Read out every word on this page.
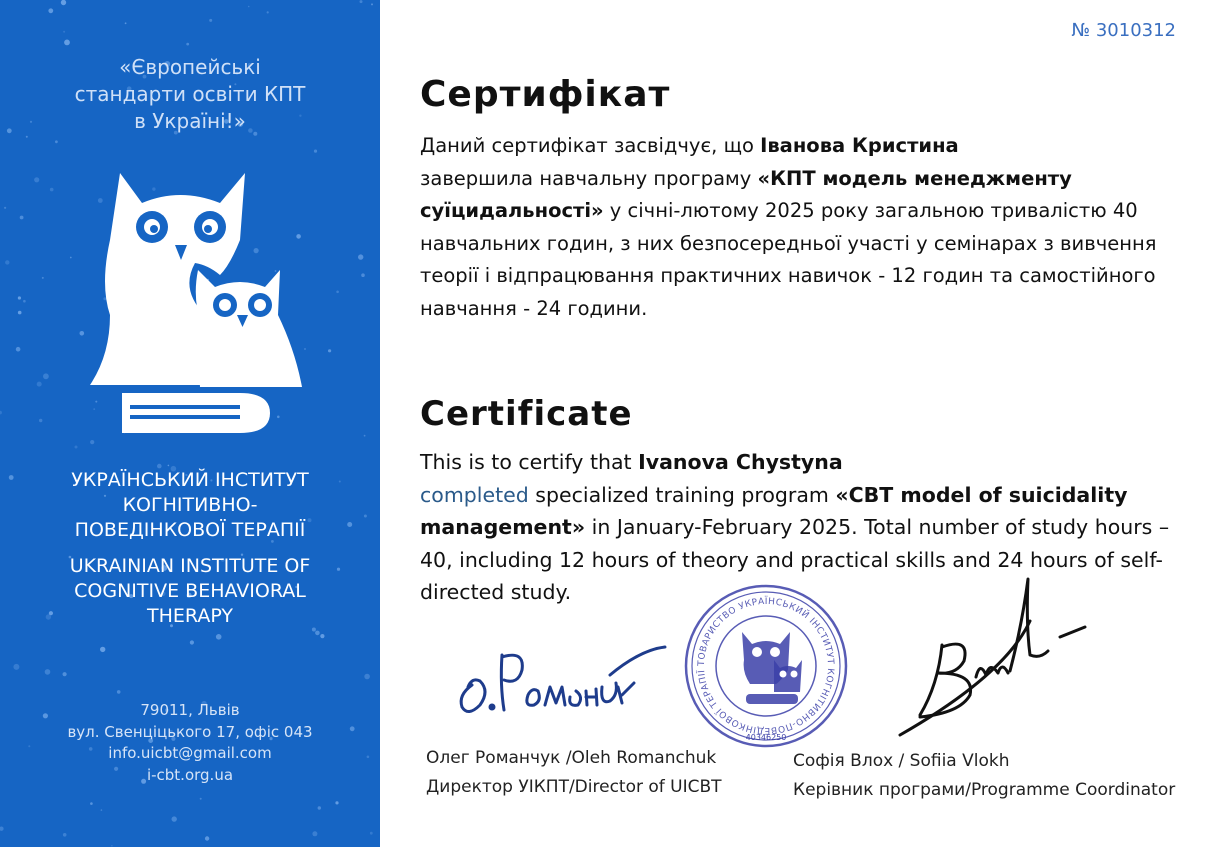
«Європейські
стандарти освіти КПТ
в Україні!»
УКРАЇНСЬКИЙ ІНСТИТУТ
КОГНІТИВНО-
ПОВЕДІНКОВОЇ ТЕРАПІЇ
UKRAINIAN INSTITUTE OF
COGNITIVE BEHAVIORAL
THERAPY
79011, Львів
вул. Свенціцького 17, офіс 043
info.uicbt@gmail.com
i-cbt.org.ua
№ 3010312
Сертифікат
Даний сертифікат засвідчує, що Іванова Кристина
завершила навчальну програму «КПТ модель менеджменту суїцидальності» у січні-лютому 2025 року загальною тривалістю 40 навчальних годин, з них безпосередньої участі у семінарах з вивчення теорії і відпрацювання практичних навичок - 12 годин та самостійного навчання - 24 години.
Certificate
This is to certify that Ivanova Chystyna
completed specialized training program «CBT model of suicidality management» in January-February 2025. Total number of study hours – 40, including 12 hours of theory and practical skills and 24 hours of self- directed study.
ТОВАРИСТВО УКРАЇНСЬКИЙ ІНСТИТУТ КОГНІТИВНО-ПОВЕДІНКОВОЇ ТЕРАПІЇ
40346250
Олег Романчук /Oleh Romanchuk
Директор УІКПТ/Director of UICBT
Софія Влох / Sofiia Vlokh
Керівник програми/Programme Coordinator
